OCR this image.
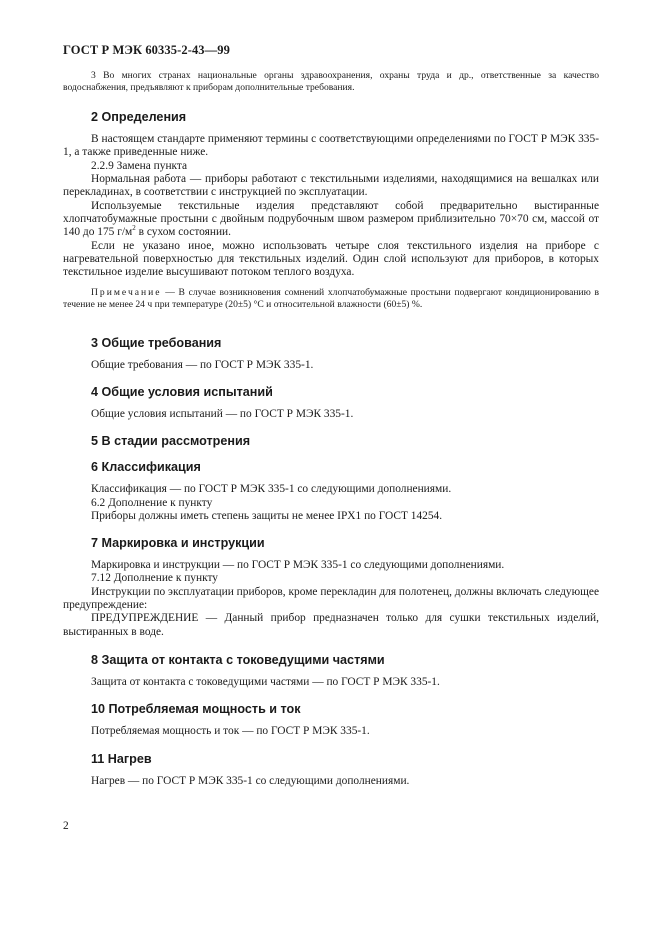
ГОСТ Р МЭК 60335-2-43—99

3 Во многих странах национальные органы здравоохранения, охраны труда и др., ответственные за качество водоснабжения, предъявляют к приборам дополнительные требования.

2 Определения

В настоящем стандарте применяют термины с соответствующими определениями по ГОСТ Р МЭК 335-1, а также приведенные ниже.

2.2.9 Замена пункта

Нормальная работа — приборы работают с текстильными изделиями, находящимися на вешалках или перекладинах, в соответствии с инструкцией по эксплуатации.

Используемые текстильные изделия представляют собой предварительно выстиранные хлопчатобумажные простыни с двойным подрубочным швом размером приблизительно 70×70 см, массой от 140 до 175 $г/м^2$ в сухом состоянии.

Если не указано иное, можно использовать четыре слоя текстильного изделия на приборе с нагревательной поверхностью для текстильных изделий. Один слой используют для приборов, в которых текстильное изделие высушивают потоком теплого воздуха.

Примечание — В случае возникновения сомнений хлопчатобумажные простыни подвергают кондиционированию в течение не менее 24 ч при температуре (20±5) °С и относительной влажности (60±5) %.

3 Общие требования

Общие требования — по ГОСТ Р МЭК 335-1.

4 Общие условия испытаний

Общие условия испытаний — по ГОСТ Р МЭК 335-1.

5 В стадии рассмотрения
6 Классификация

Классификация — по ГОСТ Р МЭК 335-1 со следующими дополнениями.

6.2 Дополнение к пункту

Приборы должны иметь степень защиты не менее IPX1 по ГОСТ 14254.

7 Маркировка и инструкции

Маркировка и инструкции — по ГОСТ Р МЭК 335-1 со следующими дополнениями.

7.12 Дополнение к пункту

Инструкции по эксплуатации приборов, кроме перекладин для полотенец, должны включать следующее предупреждение:

ПРЕДУПРЕЖДЕНИЕ — Данный прибор предназначен только для сушки текстильных изделий, выстиранных в воде.

8 Защита от контакта с токоведущими частями

Защита от контакта с токоведущими частями — по ГОСТ Р МЭК 335-1.

10 Потребляемая мощность и ток

Потребляемая мощность и ток — по ГОСТ Р МЭК 335-1.

11 Нагрев

Нагрев — по ГОСТ Р МЭК 335-1 со следующими дополнениями.

2
